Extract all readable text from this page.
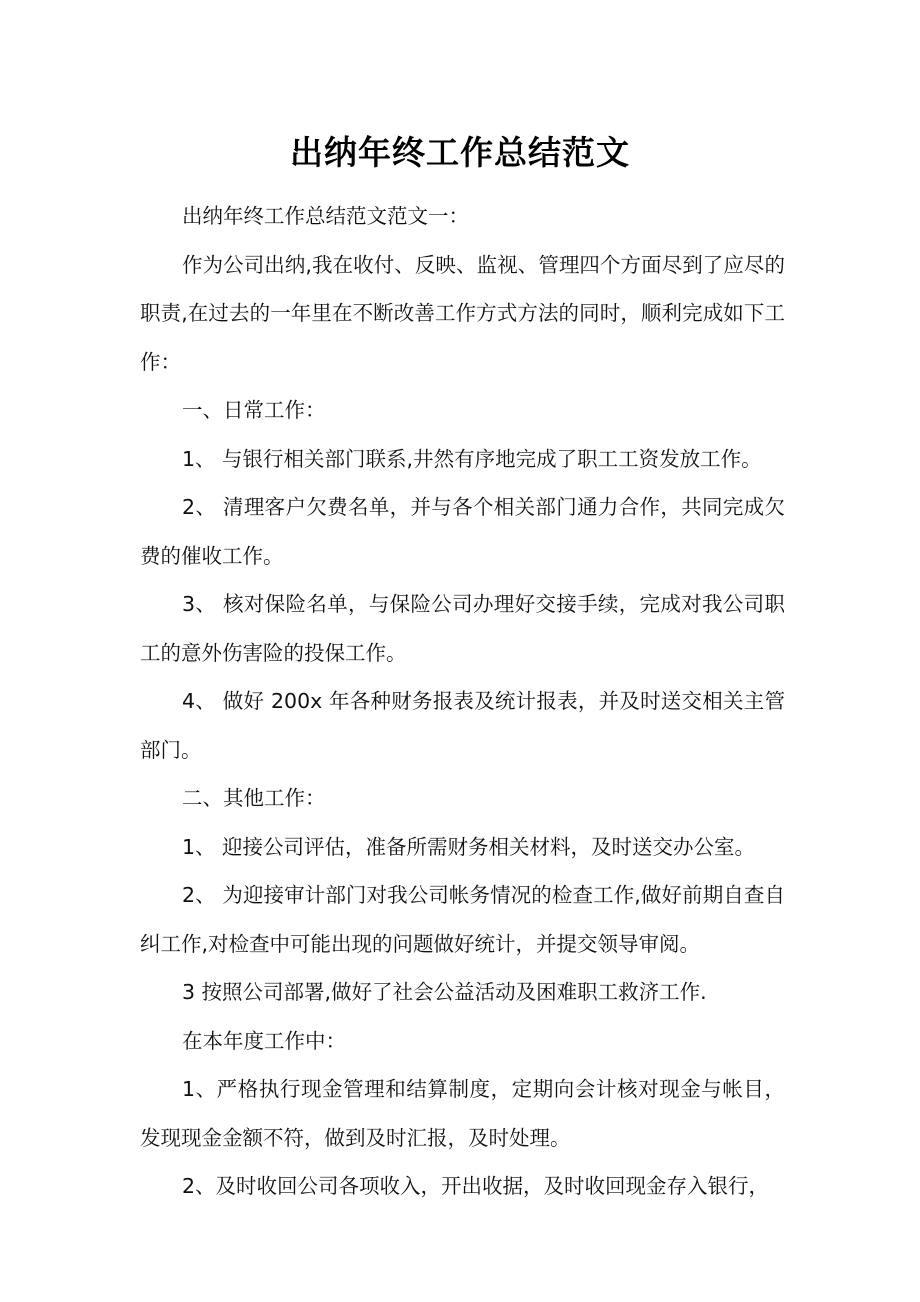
出纳年终工作总结范文

出纳年终工作总结范文范文一：

作为公司出纳,我在收付、反映、监视、管理四个方面尽到了应尽的职责,在过去的一年里在不断改善工作方式方法的同时，顺利完成如下工作：

一、日常工作：

1、 与银行相关部门联系,井然有序地完成了职工工资发放工作。

2、 清理客户欠费名单，并与各个相关部门通力合作，共同完成欠费的催收工作。

3、 核对保险名单，与保险公司办理好交接手续，完成对我公司职工的意外伤害险的投保工作。

4、 做好 200x 年各种财务报表及统计报表，并及时送交相关主管部门。

二、其他工作：

1、 迎接公司评估，准备所需财务相关材料，及时送交办公室。

2、 为迎接审计部门对我公司帐务情况的检查工作,做好前期自查自纠工作,对检查中可能出现的问题做好统计，并提交领导审阅。

3 按照公司部署,做好了社会公益活动及困难职工救济工作.

在本年度工作中：

1、严格执行现金管理和结算制度，定期向会计核对现金与帐目，发现现金金额不符，做到及时汇报，及时处理。

2、及时收回公司各项收入，开出收据，及时收回现金存入银行，
